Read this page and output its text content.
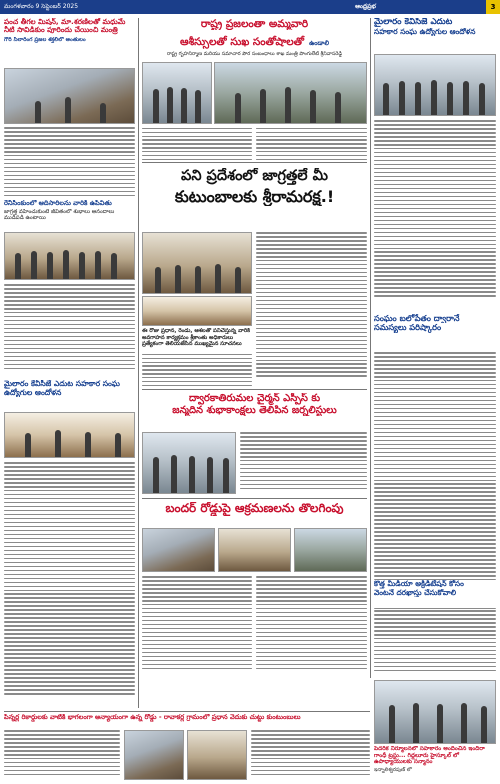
మంగళవారం 9 సెప్టెంబర్ 2025	ఆంధ్రప్రభ	3
పంచ తీగల మిషన్, మా.శరణిలతో మధుమే నీటి సావిడికుం పూరిందు చేయించి మంత్రి
గౌరి సీలారింగ ప్రజల శక్తలిలో అంతులం
రేనీసింకుంలో ఆదిసారిలను వారికి ఉపివితు
జాగ్రత్త వహించుకుంటే జీవితంలో శుభాలు ఆనందాలు ముడిపడి ఉంటాయి
మైలారం కేవీసీజే ఎదుట సహకార సంఘ ఉద్యోగుల ఆందోళన
రాష్ట్ర ప్రజలంతా అమ్మవారి
ఆశీస్సులతో సుఖ సంతోషాలతో ఉండాలి
రాష్ట్ర గృహనిర్మాణ మరియు సమాచార పౌర సంబంధాలు శాఖ మంత్రి పొంగులేటి శ్రీనివాసరెడ్డి
పని ప్రదేశంలో జాగ్రత్తలే మీ
కుటుంబాలకు శ్రీరామరక్ష.!
ఈ రోజు ప్రధాన, రెండు, ఆశలతో పనిచేస్తున్న వారికి అవగాహన కార్యక్రమం శ్రీకాంతు అధికారులు ప్రత్యేకంగా తెలియజేసిన ముఖ్యమైన సూచనలు
ద్వారకాతిరుమల చైర్మన్ ఎస్పీస్ కు
జన్మదిన శుభాకాంక్షలు తెలిపిన జర్నలిస్టులు
బందర్ రోడ్డుపై ఆక్రమణలను తొలగింపు
మైలారం కేవీసీజే ఎదుట
సహకార సంఘ ఉద్యోగుల ఆందోళన
సంఘం బలోపేతం ద్వారానే
సమస్యలు పరిష్కారం
కొత్త మీడియా అక్రిడిటేషన్ కోసం
వెంటనే దరఖాస్తు చేసుకోవాలి
పిన్నర్ల రికార్డులకు వాటికి భాగలంగా అన్యాయంగా ఉన్న రోడ్డు - రావాకర్ల గ్రామంలో ప్రధాన వెదుకు చుట్టు కుంటుంబులు
పేదరిక నిర్మూలనలో సహకారం అందించిన ఇందిరా గాంధీ ట్రస్టు... గిద్దలూరు హైస్కూల్ లో ఉపాధ్యాయులకు సన్మానం
ఇన్నాలిశ్వరపుణ్ లో
